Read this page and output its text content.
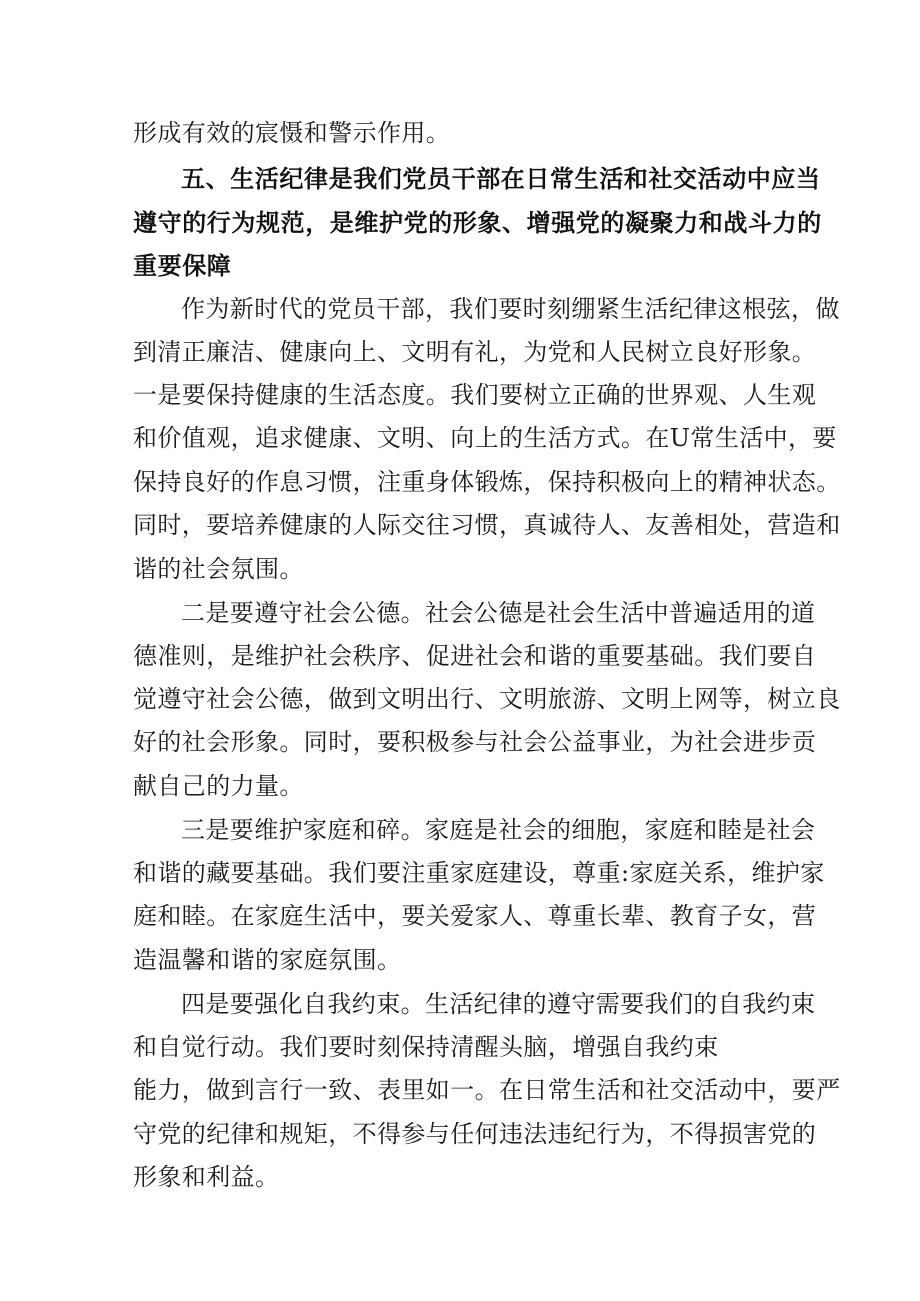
形成有效的宸慑和警示作用。
五、生活纪律是我们党员干部在日常生活和社交活动中应当
遵守的行为规范，是维护党的形象、增强党的凝聚力和战斗力的
重要保障
作为新时代的党员干部，我们要时刻绷紧生活纪律这根弦，做
到清正廉洁、健康向上、文明有礼，为党和人民树立良好形象。
一是要保持健康的生活态度。我们要树立正确的世界观、人生观
和价值观，追求健康、文明、向上的生活方式。在U常生活中，要
保持良好的作息习惯，注重身体锻炼，保持积极向上的精神状态。
同时，要培养健康的人际交往习惯，真诚待人、友善相处，营造和
谐的社会氛围。
二是要遵守社会公德。社会公德是社会生活中普遍适用的道
德准则，是维护社会秩序、促进社会和谐的重要基础。我们要自
觉遵守社会公德，做到文明出行、文明旅游、文明上网等，树立良
好的社会形象。同时，要积极参与社会公益事业，为社会进步贡
献自己的力量。
三是要维护家庭和碎。家庭是社会的细胞，家庭和睦是社会
和谐的藏要基础。我们要注重家庭建设，尊重:家庭关系，维护家
庭和睦。在家庭生活中，要关爱家人、尊重长辈、教育子女，营
造温馨和谐的家庭氛围。
四是要强化自我约束。生活纪律的遵守需要我们的自我约束
和自觉行动。我们要时刻保持清醒头脑，增强自我约束
能力，做到言行一致、表里如一。在日常生活和社交活动中，要严
守党的纪律和规矩，不得参与任何违法违纪行为，不得损害党的
形象和利益。
